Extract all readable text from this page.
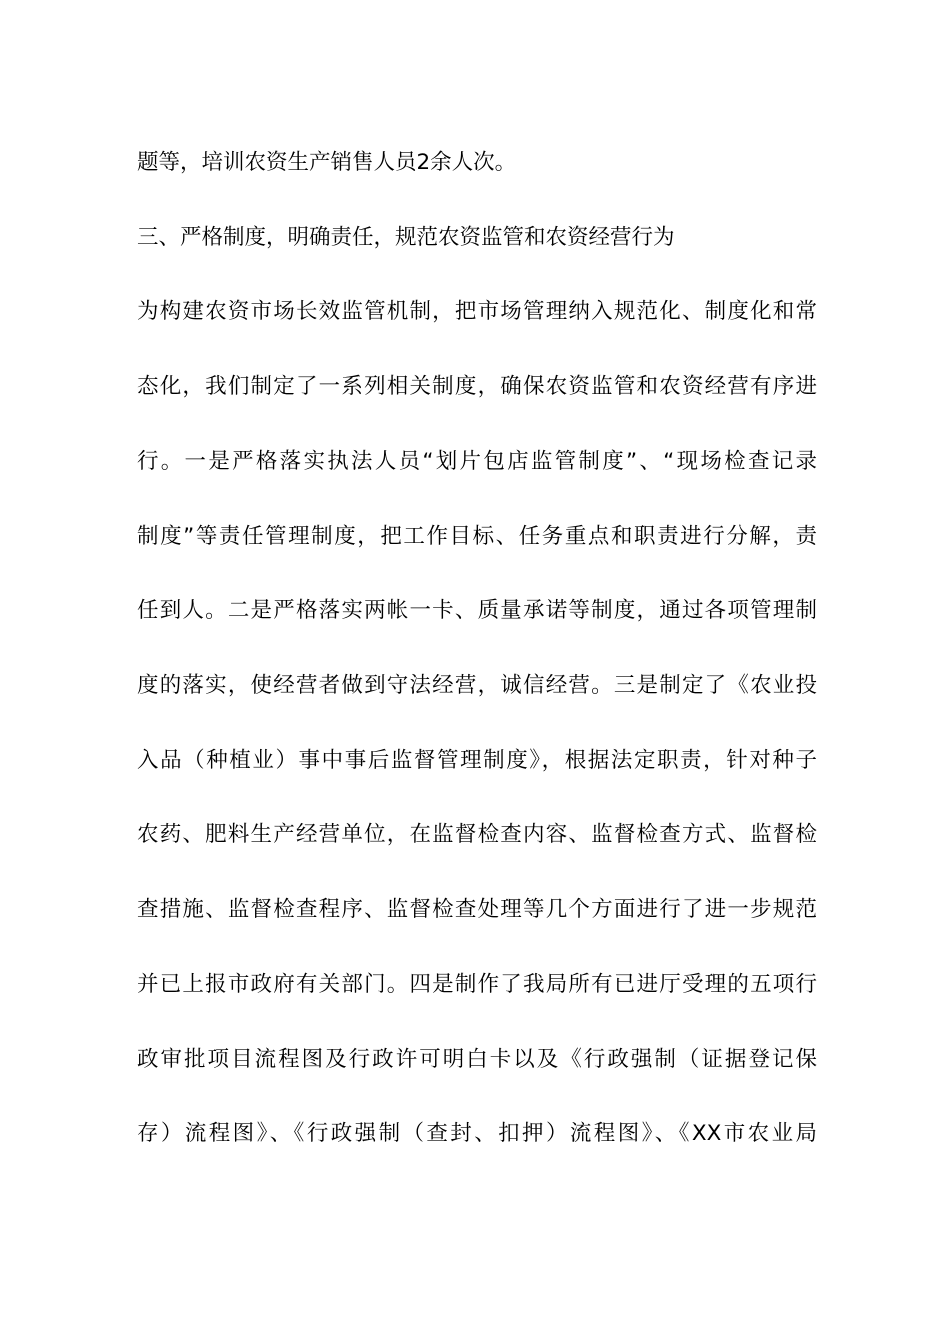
题等，培训农资生产销售人员2余人次。
三、严格制度，明确责任，规范农资监管和农资经营行为
为构建农资市场长效监管机制，把市场管理纳入规范化、制度化和常
态化，我们制定了一系列相关制度，确保农资监管和农资经营有序进
行。一是严格落实执法人员“划片包店监管制度”、“现场检查记录
制度”等责任管理制度，把工作目标、任务重点和职责进行分解，责
任到人。二是严格落实两帐一卡、质量承诺等制度，通过各项管理制
度的落实，使经营者做到守法经营，诚信经营。三是制定了《农业投
入品（种植业）事中事后监督管理制度》，根据法定职责，针对种子
农药、肥料生产经营单位，在监督检查内容、监督检查方式、监督检
查措施、监督检查程序、监督检查处理等几个方面进行了进一步规范
并已上报市政府有关部门。四是制作了我局所有已进厅受理的五项行
政审批项目流程图及行政许可明白卡以及《行政强制（证据登记保
存）流程图》、《行政强制（查封、扣押）流程图》、《XX市农业局
